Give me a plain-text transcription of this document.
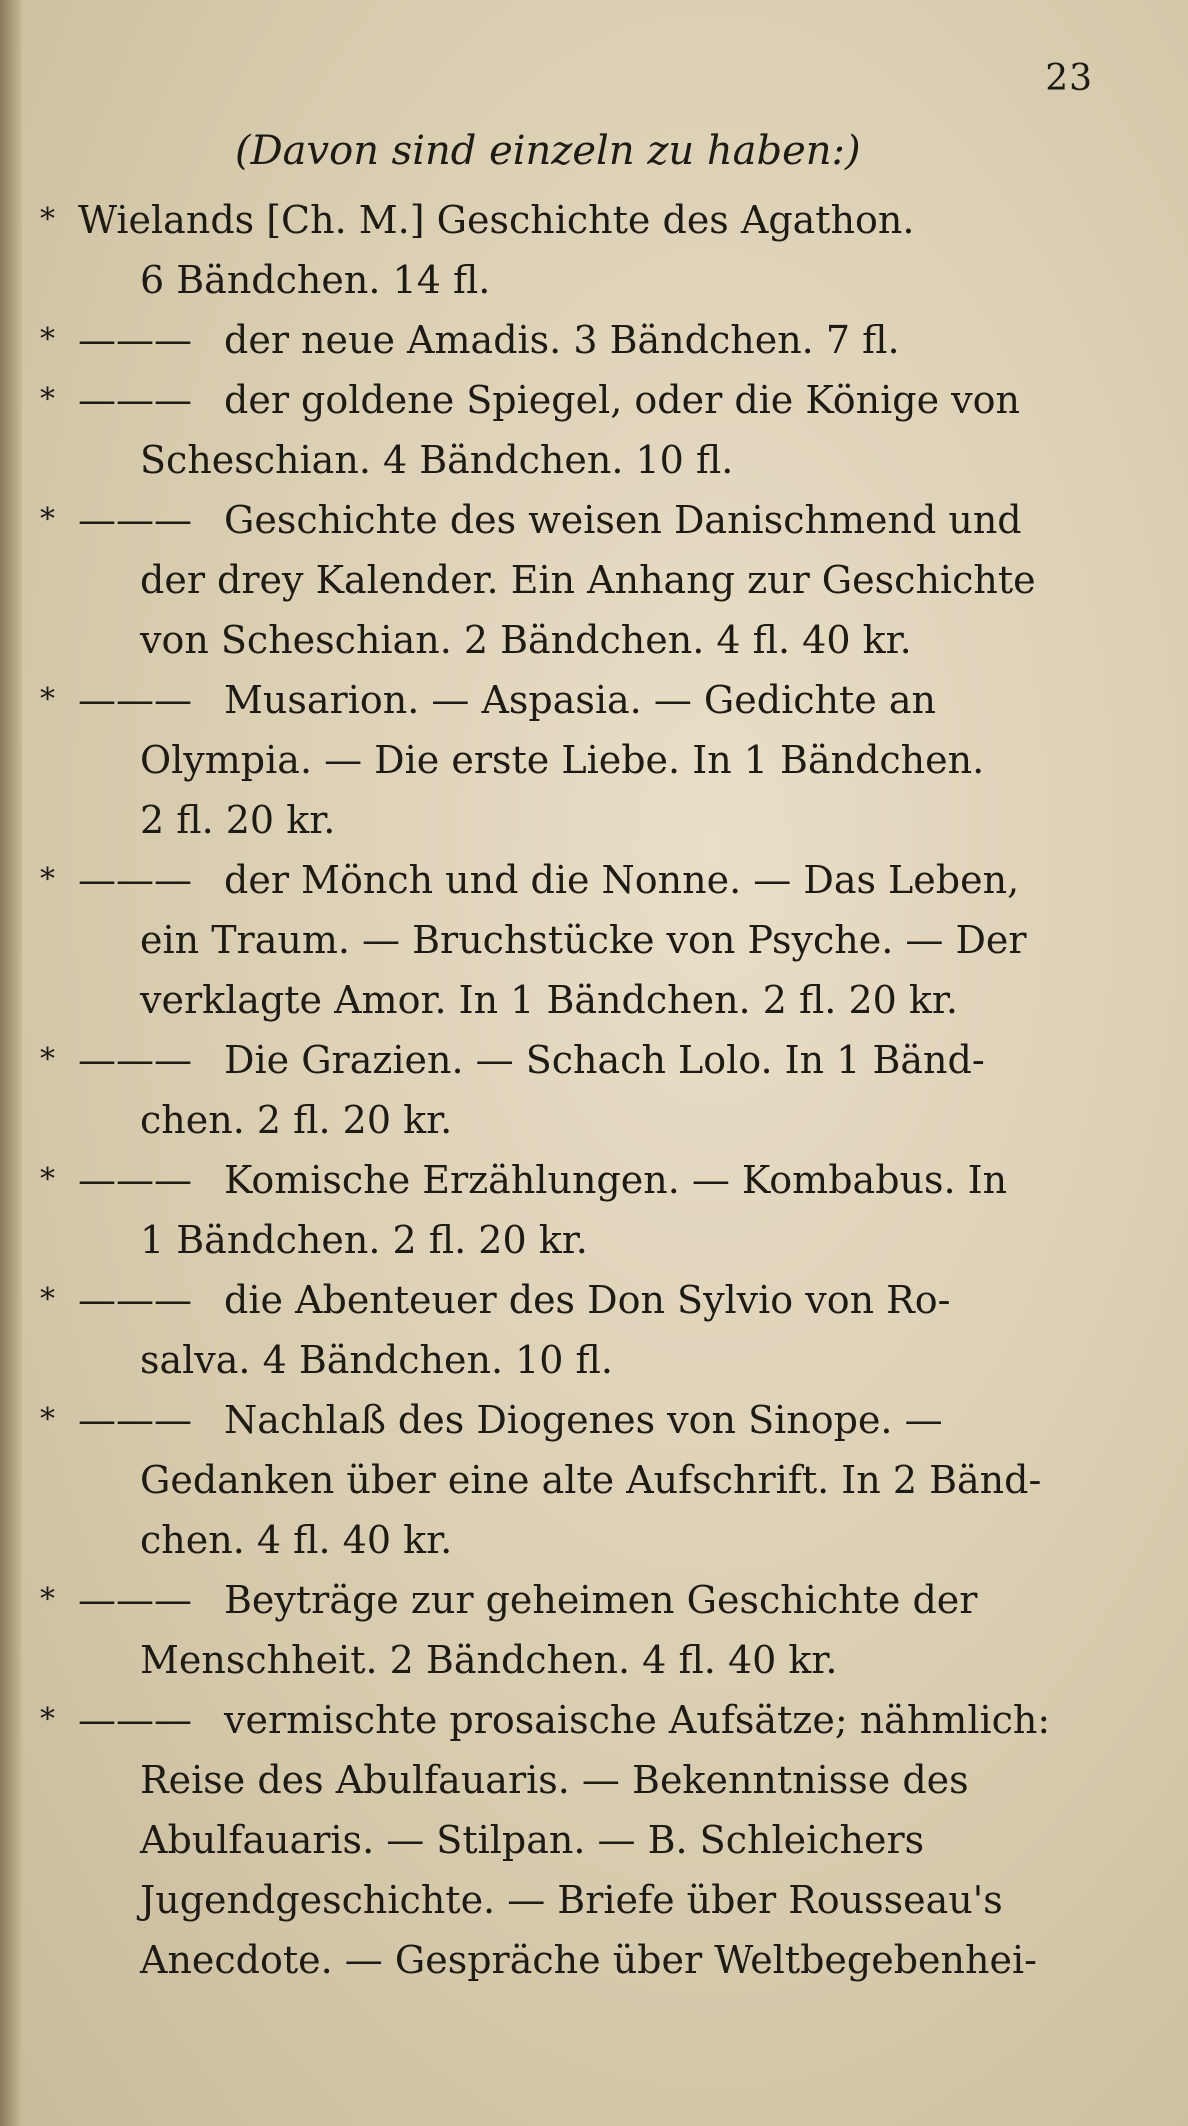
23
(Davon sind einzeln zu haben:)
* Wielands [Ch. M.] Geschichte des Agathon.
6 Bändchen. 14 fl.
* ——— der neue Amadis. 3 Bändchen. 7 fl.
* ——— der goldene Spiegel, oder die Könige von
Scheschian. 4 Bändchen. 10 fl.
* ——— Geschichte des weisen Danischmend und
der drey Kalender. Ein Anhang zur Geschichte
von Scheschian. 2 Bändchen. 4 fl. 40 kr.
* ——— Musarion. — Aspasia. — Gedichte an
Olympia. — Die erste Liebe. In 1 Bändchen.
2 fl. 20 kr.
* ——— der Mönch und die Nonne. — Das Leben,
ein Traum. — Bruchstücke von Psyche. — Der
verklagte Amor. In 1 Bändchen. 2 fl. 20 kr.
* ——— Die Grazien. — Schach Lolo. In 1 Bänd-
chen. 2 fl. 20 kr.
* ——— Komische Erzählungen. — Kombabus. In
1 Bändchen. 2 fl. 20 kr.
* ——— die Abenteuer des Don Sylvio von Ro-
salva. 4 Bändchen. 10 fl.
* ——— Nachlaß des Diogenes von Sinope. —
Gedanken über eine alte Aufschrift. In 2 Bänd-
chen. 4 fl. 40 kr.
* ——— Beyträge zur geheimen Geschichte der
Menschheit. 2 Bändchen. 4 fl. 40 kr.
* ——— vermischte prosaische Aufsätze; nähmlich:
Reise des Abulfauaris. — Bekenntnisse des
Abulfauaris. — Stilpan. — B. Schleichers
Jugendgeschichte. — Briefe über Rousseau's
Anecdote. — Gespräche über Weltbegebenhei-
